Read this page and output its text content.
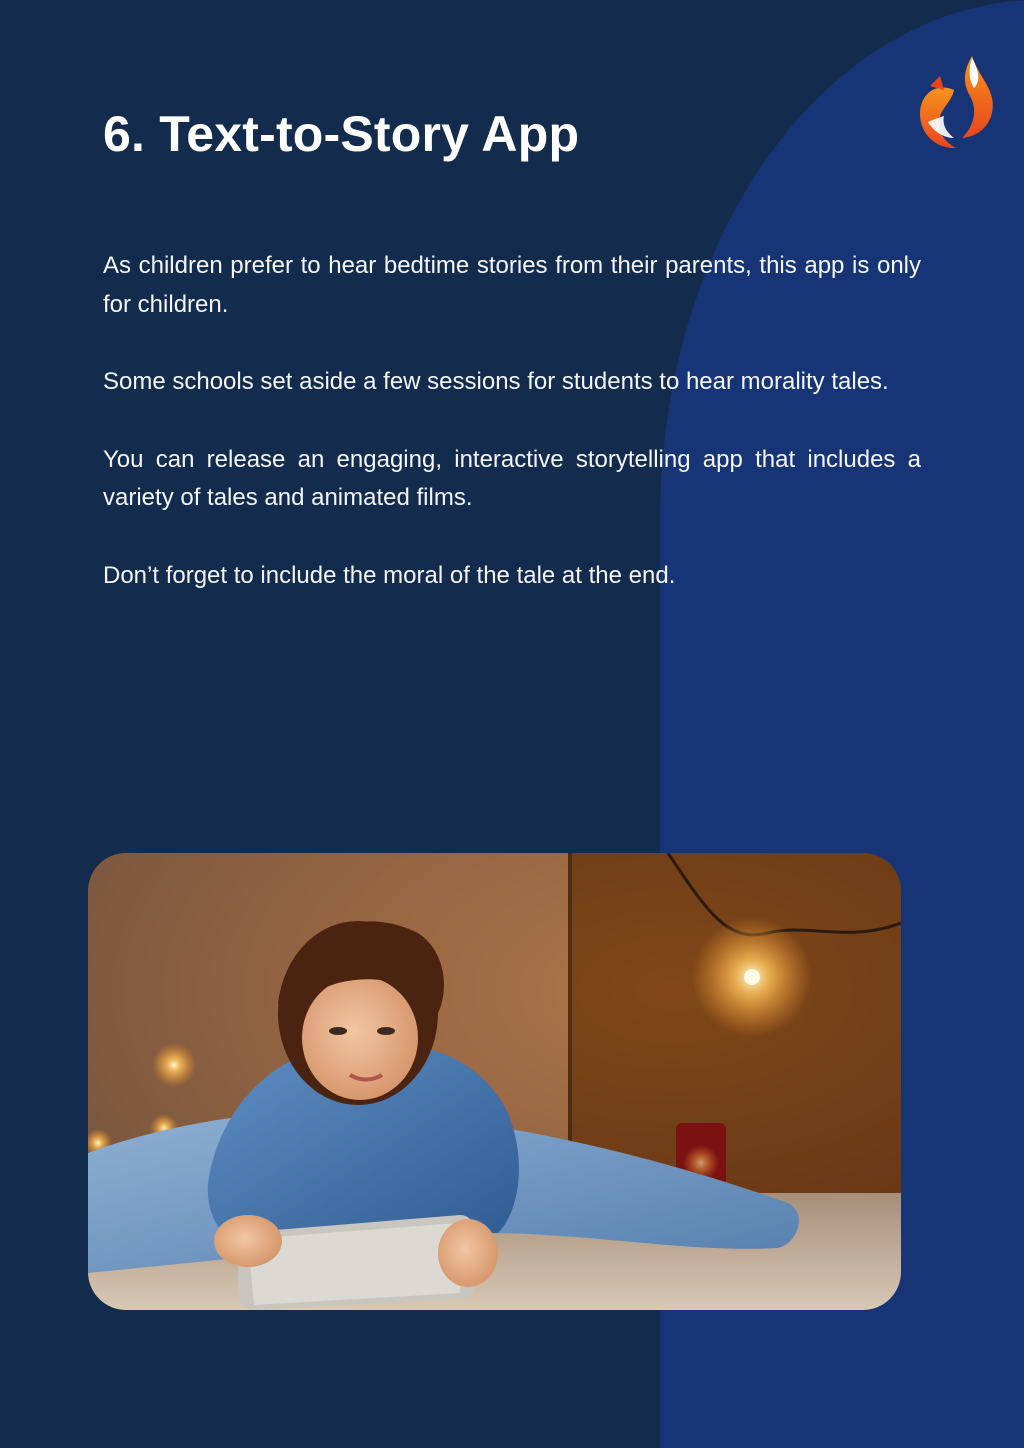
6. Text-to-Story App

As children prefer to hear bedtime stories from their parents, this app is only for children.

Some schools set aside a few sessions for students to hear morality tales.

You can release an engaging, interactive storytelling app that includes a variety of tales and animated films.

Don’t forget to include the moral of the tale at the end.
